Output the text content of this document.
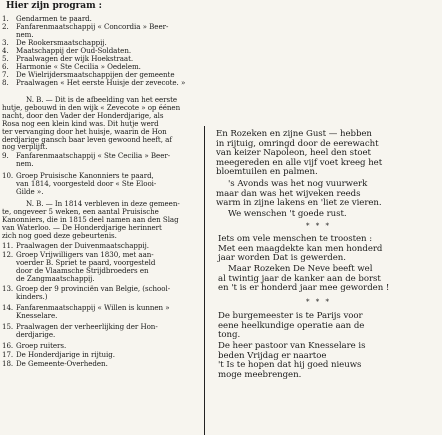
Hier zijn program :
1. Gendarmen te paard.
2. Fanfarenmaatschappij « Concordia » Beer-
nem.
3. De Rookersmaatschappij.
4. Maatschappij der Oud-Soldaten.
5. Praalwagen der wijk Hoekstraat.
6. Harmonie « Ste Cecilia » Oedelem.
7. De Wielrijdersmaatschappijen der gemeente
8. Praalwagen « Het eerste Huisje der zevecote. »
N. B. — Dit is de afbeelding van het eerste
hutje, gebouwd in den wijk « Zevecote » op éénen
nacht, door den Vader der Honderdjarige, als
Rosa nog een klein kind was. Dit hutje werd
ter vervanging door het huisje, waarin de Hon
derdjarige gansch baar leven gewoond heeft, af
nog verplijft.
9. Fanfarenmaatschappij « Ste Cecilia » Beer-
nem.
10. Groep Pruisische Kanonniers te paard,
van 1814, voorgesteld door « Ste Elooi-
Gilde ».
N. B. — In 1814 verbleven in deze gemeen-
te, ongeveer 5 weken, een aantal Pruisische
Kanonniers, die in 1815 deel namen aan den Slag
van Waterloo. — De Honderdjarige herinnert
zich nog goed deze gebeurtenis.
11. Praalwagen der Duivenmaatschappij.
12. Groep Vrijwilligers van 1830, met aan-
voerder B. Spriet te paard, voorgesteld
door de Vlaamsche Strijdbroeders en
de Zangmaatschappij.
13. Groep der 9 provinciën van Belgie, (school-
kinders.)
14. Fanfarenmaatschappij « Willen is kunnen »
Knesselare.
15. Praalwagen der verheerlijking der Hon-
derdjarige.
16. Groep ruiters.
17. De Honderdjarige in rijtuig.
18. De Gemeente-Overheden.
En Rozeken en zijne Gust — hebben
in rijtuig, omringd door de eerewacht
van keizer Napoleon, heel den stoet
meegereden en alle vijf voet kreeg het
bloemtuilen en palmen.
's Avonds was het nog vuurwerk
maar dan was het wijveken reeds
warm in zijne lakens en 'liet ze vieren.
We wenschen 't goede rust.
* * *
Iets om vele menschen te troosten :
Met een maagdekte kan men honderd
jaar worden Dat is gewerden.
Maar Rozeken De Neve beeft wel
al twintig jaar de kanker aan de borst
en 't is er honderd jaar mee geworden !
* * *
De burgemeester is te Parijs voor
eene heelkundige operatie aan de
tong.
De heer pastoor van Knesselare is
beden Vrijdag er naartoe
't Is te hopen dat hij goed nieuws
moge meebrengen.
